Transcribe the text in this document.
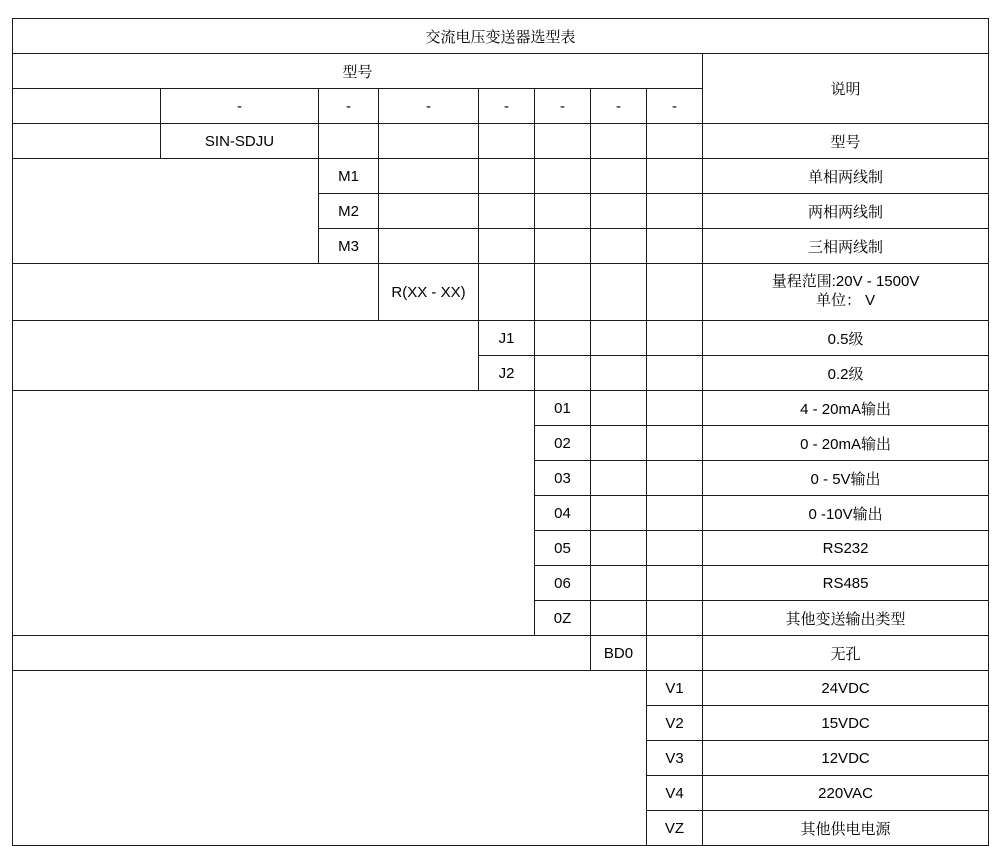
交流电压变送器选型表								
型号								说明
	-	-	-	-	-	-	-	
型号	SIN-SDJU							型号
仪表类型		M1						单相两线制
		M2						两相两线制
		M3						三相两线制
量程范围			R(XX - XX)					量程范围:20V - 1500V
单位： V

精度等级				J1				0.5级
				J2				0.2级
变送输出类型					01			4 - 20mA输出
					02			0 - 20mA输出
					03			0 - 5V输出
					04			0 -10V输出
					05			RS232
					06			RS485
					0Z			其他变送输出类型
孔径						BD0		无孔
供电电源							V1	24VDC
							V2	15VDC
							V3	12VDC
							V4	220VAC
							VZ	其他供电电源
